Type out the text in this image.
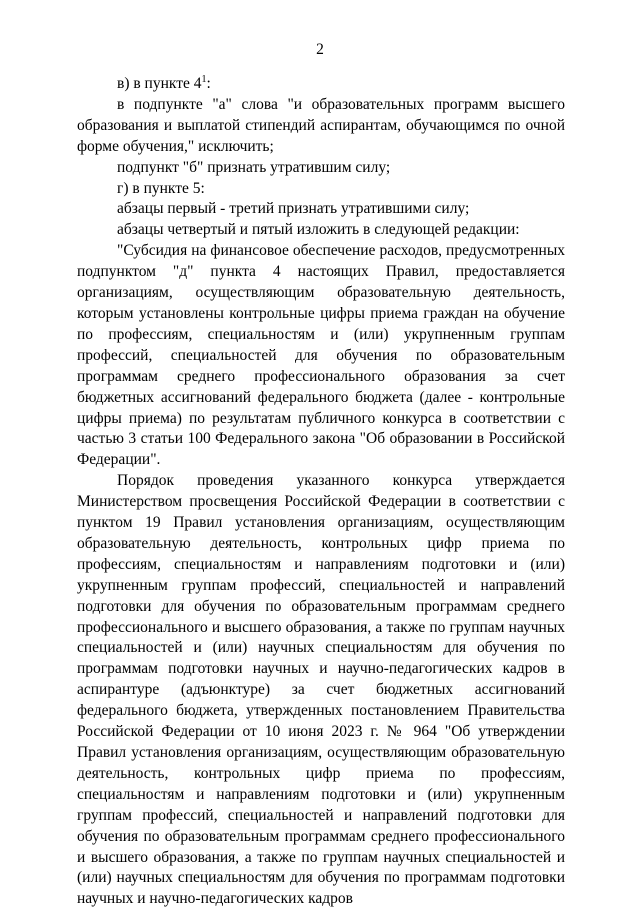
2

в) в пункте $4^1$:

в подпункте "а" слова "и образовательных программ высшего образования и выплатой стипендий аспирантам, обучающимся по очной форме обучения," исключить;

подпункт "б" признать утратившим силу;

г) в пункте 5:

абзацы первый - третий признать утратившими силу;

абзацы четвертый и пятый изложить в следующей редакции:

"Субсидия на финансовое обеспечение расходов, предусмотренных подпунктом "д" пункта 4 настоящих Правил, предоставляется организациям, осуществляющим образовательную деятельность, которым установлены контрольные цифры приема граждан на обучение по профессиям, специальностям и (или) укрупненным группам профессий, специальностей для обучения по образовательным программам среднего профессионального образования за счет бюджетных ассигнований федерального бюджета (далее - контрольные цифры приема) по результатам публичного конкурса в соответствии с частью 3 статьи 100 Федерального закона "Об образовании в Российской Федерации".

Порядок проведения указанного конкурса утверждается Министерством просвещения Российской Федерации в соответствии с пунктом 19 Правил установления организациям, осуществляющим образовательную деятельность, контрольных цифр приема по профессиям, специальностям и направлениям подготовки и (или) укрупненным группам профессий, специальностей и направлений подготовки для обучения по образовательным программам среднего профессионального и высшего образования, а также по группам научных специальностей и (или) научных специальностям для обучения по программам подготовки научных и научно-педагогических кадров в аспирантуре (адъюнктуре) за счет бюджетных ассигнований федерального бюджета, утвержденных постановлением Правительства Российской Федерации от 10 июня 2023 г. № 964 "Об утверждении Правил установления организациям, осуществляющим образовательную деятельность, контрольных цифр приема по профессиям, специальностям и направлениям подготовки и (или) укрупненным группам профессий, специальностей и направлений подготовки для обучения по образовательным программам среднего профессионального и высшего образования, а также по группам научных специальностей и (или) научных специальностям для обучения по программам подготовки научных и научно-педагогических кадров
